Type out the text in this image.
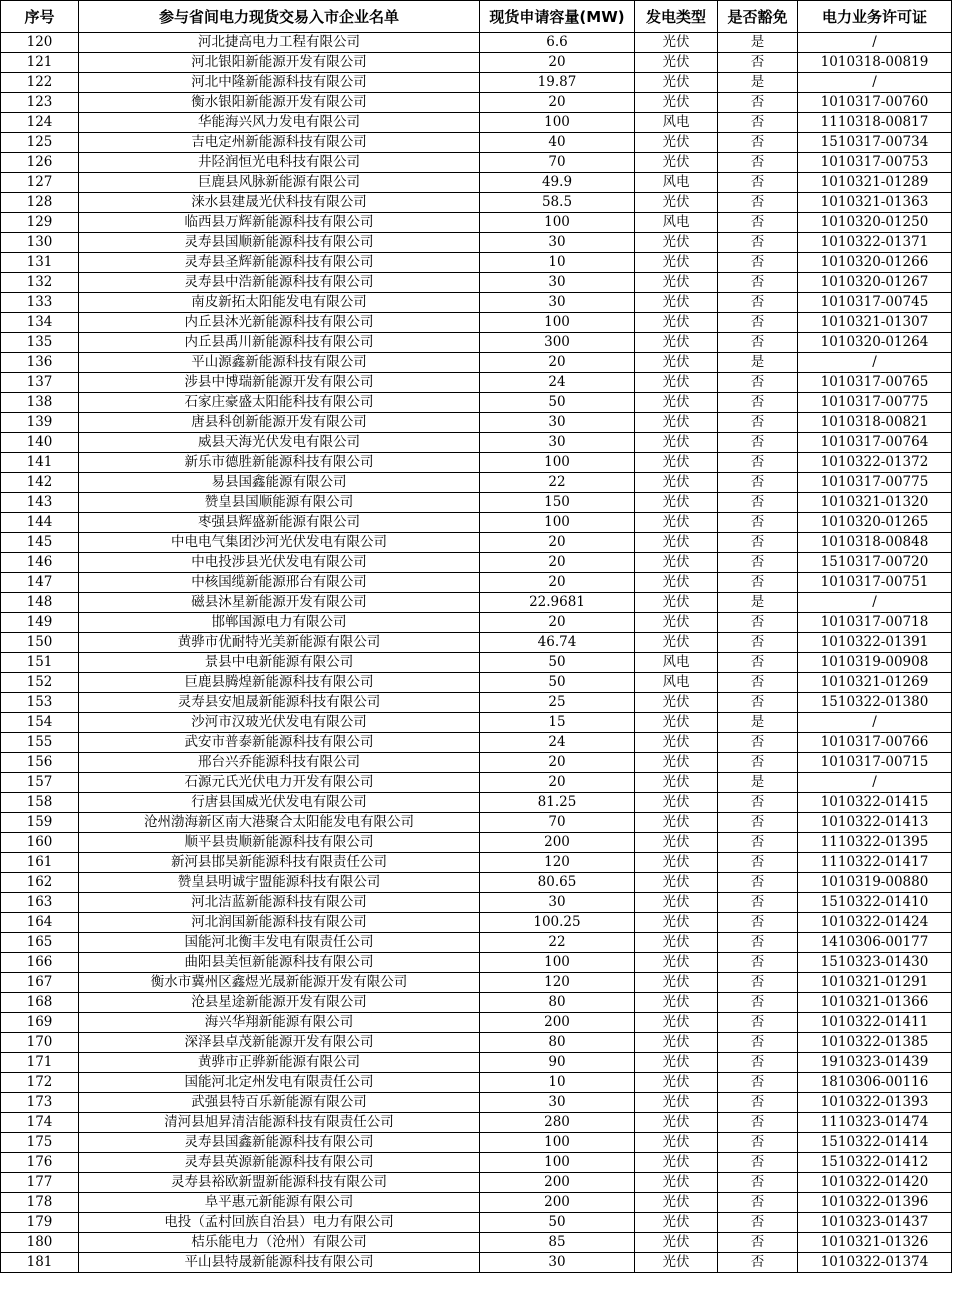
序号	参与省间电力现货交易入市企业名单	现货申请容量(MW)	发电类型	是否豁免	电力业务许可证
120	河北捷高电力工程有限公司	6.6	光伏	是	/
121	河北银阳新能源开发有限公司	20	光伏	否	1010318-00819
122	河北中隆新能源科技有限公司	19.87	光伏	是	/
123	衡水银阳新能源开发有限公司	20	光伏	否	1010317-00760
124	华能海兴风力发电有限公司	100	风电	否	1110318-00817
125	吉电定州新能源科技有限公司	40	光伏	否	1510317-00734
126	井陉润恒光电科技有限公司	70	光伏	否	1010317-00753
127	巨鹿县风脉新能源有限公司	49.9	风电	否	1010321-01289
128	涞水县建晟光伏科技有限公司	58.5	光伏	否	1010321-01363
129	临西县万辉新能源科技有限公司	100	风电	否	1010320-01250
130	灵寿县国顺新能源科技有限公司	30	光伏	否	1010322-01371
131	灵寿县圣辉新能源科技有限公司	10	光伏	否	1010320-01266
132	灵寿县中浩新能源科技有限公司	30	光伏	否	1010320-01267
133	南皮新拓太阳能发电有限公司	30	光伏	否	1010317-00745
134	内丘县沐光新能源科技有限公司	100	光伏	否	1010321-01307
135	内丘县禹川新能源科技有限公司	300	光伏	否	1010320-01264
136	平山源鑫新能源科技有限公司	20	光伏	是	/
137	涉县中博瑞新能源开发有限公司	24	光伏	否	1010317-00765
138	石家庄豪盛太阳能科技有限公司	50	光伏	否	1010317-00775
139	唐县科创新能源开发有限公司	30	光伏	否	1010318-00821
140	威县天海光伏发电有限公司	30	光伏	否	1010317-00764
141	新乐市德胜新能源科技有限公司	100	光伏	否	1010322-01372
142	易县国鑫能源有限公司	22	光伏	否	1010317-00775
143	赞皇县国顺能源有限公司	150	光伏	否	1010321-01320
144	枣强县辉盛新能源有限公司	100	光伏	否	1010320-01265
145	中电电气集团沙河光伏发电有限公司	20	光伏	否	1010318-00848
146	中电投涉县光伏发电有限公司	20	光伏	否	1510317-00720
147	中核国缆新能源邢台有限公司	20	光伏	否	1010317-00751
148	磁县沐星新能源开发有限公司	22.9681	光伏	是	/
149	邯郸国源电力有限公司	20	光伏	否	1010317-00718
150	黄骅市优耐特光美新能源有限公司	46.74	光伏	否	1010322-01391
151	景县中电新能源有限公司	50	风电	否	1010319-00908
152	巨鹿县腾煌新能源科技有限公司	50	风电	否	1010321-01269
153	灵寿县安旭晟新能源科技有限公司	25	光伏	否	1510322-01380
154	沙河市汉玻光伏发电有限公司	15	光伏	是	/
155	武安市普泰新能源科技有限公司	24	光伏	否	1010317-00766
156	邢台兴乔能源科技有限公司	20	光伏	否	1010317-00715
157	石源元氏光伏电力开发有限公司	20	光伏	是	/
158	行唐县国威光伏发电有限公司	81.25	光伏	否	1010322-01415
159	沧州渤海新区南大港聚合太阳能发电有限公司	70	光伏	否	1010322-01413
160	顺平县贵顺新能源科技有限公司	200	光伏	否	1110322-01395
161	新河县邯昊新能源科技有限责任公司	120	光伏	否	1110322-01417
162	赞皇县明诚宇盟能源科技有限公司	80.65	光伏	否	1010319-00880
163	河北洁蓝新能源科技有限公司	30	光伏	否	1510322-01410
164	河北润国新能源科技有限公司	100.25	光伏	否	1010322-01424
165	国能河北衡丰发电有限责任公司	22	光伏	否	1410306-00177
166	曲阳县美恒新能源科技有限公司	100	光伏	否	1510323-01430
167	衡水市冀州区鑫煜光晟新能源开发有限公司	120	光伏	否	1010321-01291
168	沧县星途新能源开发有限公司	80	光伏	否	1010321-01366
169	海兴华翔新能源有限公司	200	光伏	否	1010322-01411
170	深泽县卓茂新能源开发有限公司	80	光伏	否	1010322-01385
171	黄骅市正骅新能源有限公司	90	光伏	否	1910323-01439
172	国能河北定州发电有限责任公司	10	光伏	否	1810306-00116
173	武强县特百乐新能源有限公司	30	光伏	否	1010322-01393
174	清河县旭昇清洁能源科技有限责任公司	280	光伏	否	1110323-01474
175	灵寿县国鑫新能源科技有限公司	100	光伏	否	1510322-01414
176	灵寿县英源新能源科技有限公司	100	光伏	否	1510322-01412
177	灵寿县裕欧新盟新能源科技有限公司	200	光伏	否	1010322-01420
178	阜平惠元新能源有限公司	200	光伏	否	1010322-01396
179	电投（孟村回族自治县）电力有限公司	50	光伏	否	1010323-01437
180	桔乐能电力（沧州）有限公司	85	光伏	否	1010321-01326
181	平山县特晟新能源科技有限公司	30	光伏	否	1010322-01374
